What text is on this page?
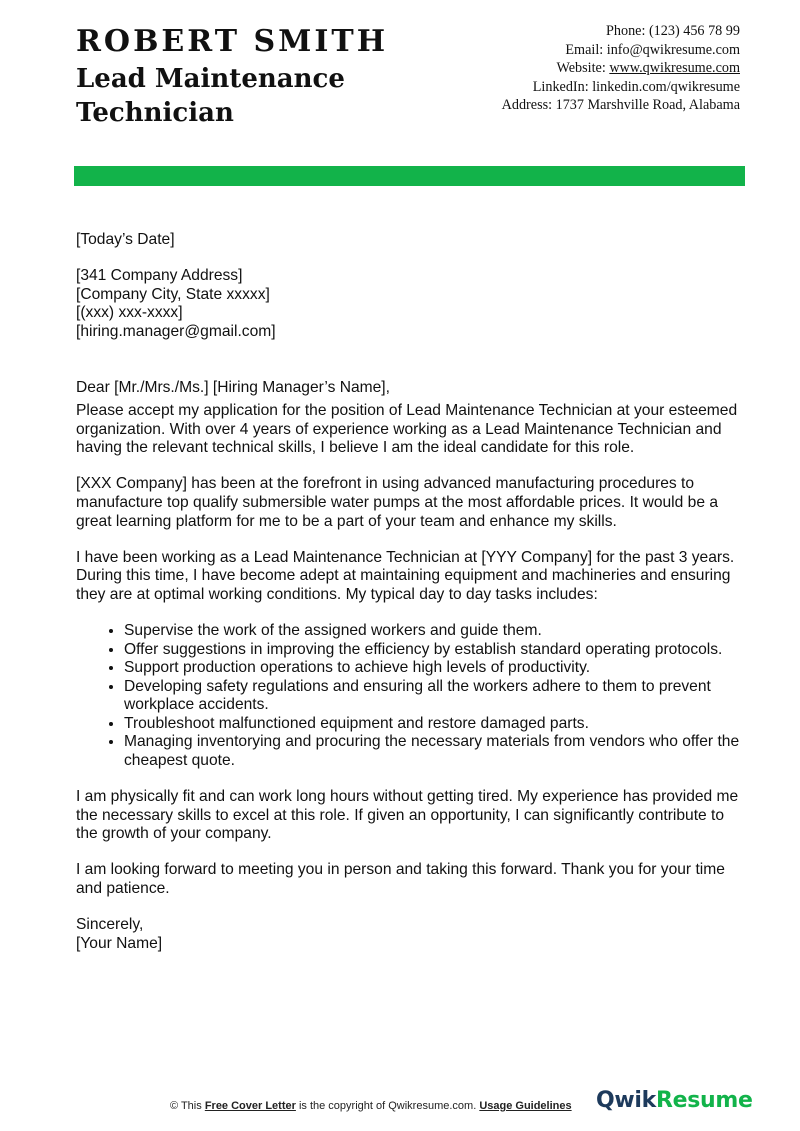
ROBERT SMITH
Lead Maintenance Technician
Phone: (123) 456 78 99
Email: info@qwikresume.com
Website: www.qwikresume.com
LinkedIn: linkedin.com/qwikresume
Address: 1737 Marshville Road, Alabama

[Today’s Date]

[341 Company Address]

[Company City, State xxxxx]

[(xxx) xxx-xxxx]

[hiring.manager@gmail.com]

Dear [Mr./Mrs./Ms.] [Hiring Manager’s Name],

Please accept my application for the position of Lead Maintenance Technician at your esteemed organization. With over 4 years of experience working as a Lead Maintenance Technician and having the relevant technical skills, I believe I am the ideal candidate for this role.

[XXX Company] has been at the forefront in using advanced manufacturing procedures to manufacture top qualify submersible water pumps at the most affordable prices. It would be a great learning platform for me to be a part of your team and enhance my skills.

I have been working as a Lead Maintenance Technician at [YYY Company] for the past 3 years. During this time, I have become adept at maintaining equipment and machineries and ensuring they are at optimal working conditions. My typical day to day tasks includes:

• Supervise the work of the assigned workers and guide them.
• Offer suggestions in improving the efficiency by establish standard operating protocols.
• Support production operations to achieve high levels of productivity.
• Developing safety regulations and ensuring all the workers adhere to them to prevent workplace accidents.
• Troubleshoot malfunctioned equipment and restore damaged parts.
• Managing inventorying and procuring the necessary materials from vendors who offer the cheapest quote.

I am physically fit and can work long hours without getting tired. My experience has provided me the necessary skills to excel at this role. If given an opportunity, I can significantly contribute to the growth of your company.

I am looking forward to meeting you in person and taking this forward. Thank you for your time and patience.

Sincerely,

[Your Name]

© This Free Cover Letter is the copyright of Qwikresume.com. Usage Guidelines	QwikResume
